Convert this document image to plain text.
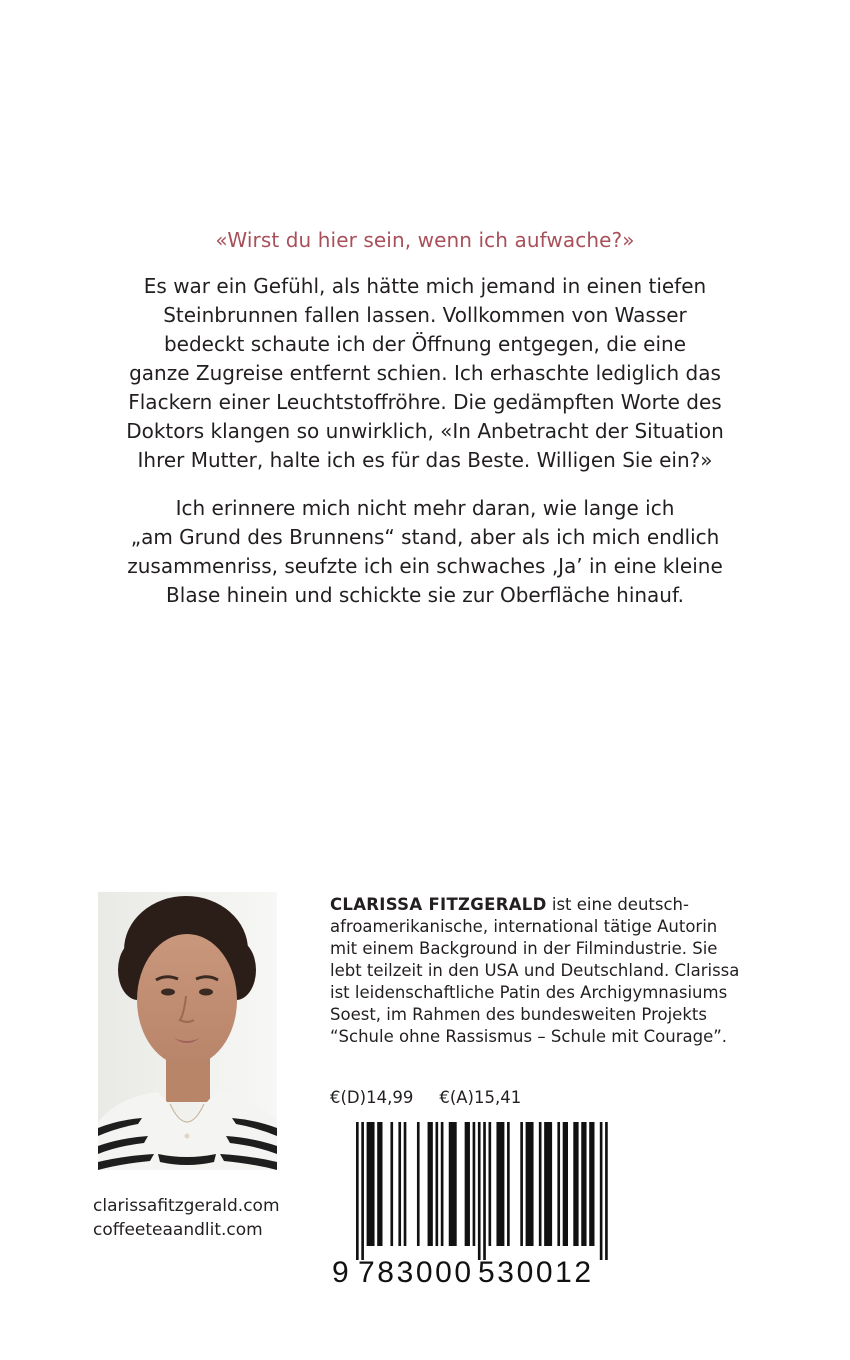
«Wirst du hier sein, wenn ich aufwache?»
Es war ein Gefühl, als hätte mich jemand in einen tiefen
Steinbrunnen fallen lassen. Vollkommen von Wasser
bedeckt schaute ich der Öffnung entgegen, die eine
ganze Zugreise entfernt schien. Ich erhaschte lediglich das
Flackern einer Leuchtstoffröhre. Die gedämpften Worte des
Doktors klangen so unwirklich, «In Anbetracht der Situation
Ihrer Mutter, halte ich es für das Beste. Willigen Sie ein?»
Ich erinnere mich nicht mehr daran, wie lange ich
„am Grund des Brunnens“ stand, aber als ich mich endlich
zusammenriss, seufzte ich ein schwaches ‚Ja’ in eine kleine
Blase hinein und schickte sie zur Oberfläche hinauf.
CLARISSA FITZGERALD ist eine deutsch-
afroamerikanische, international tätige Autorin
mit einem Background in der Filmindustrie. Sie
lebt teilzeit in den USA und Deutschland. Clarissa
ist leidenschaftliche Patin des Archigymnasiums
Soest, im Rahmen des bundesweiten Projekts
“Schule ohne Rassismus – Schule mit Courage”.
€(D)14,99 €(A)15,41
9 783000 530012
clarissafitzgerald.com
coffeeteaandlit.com
